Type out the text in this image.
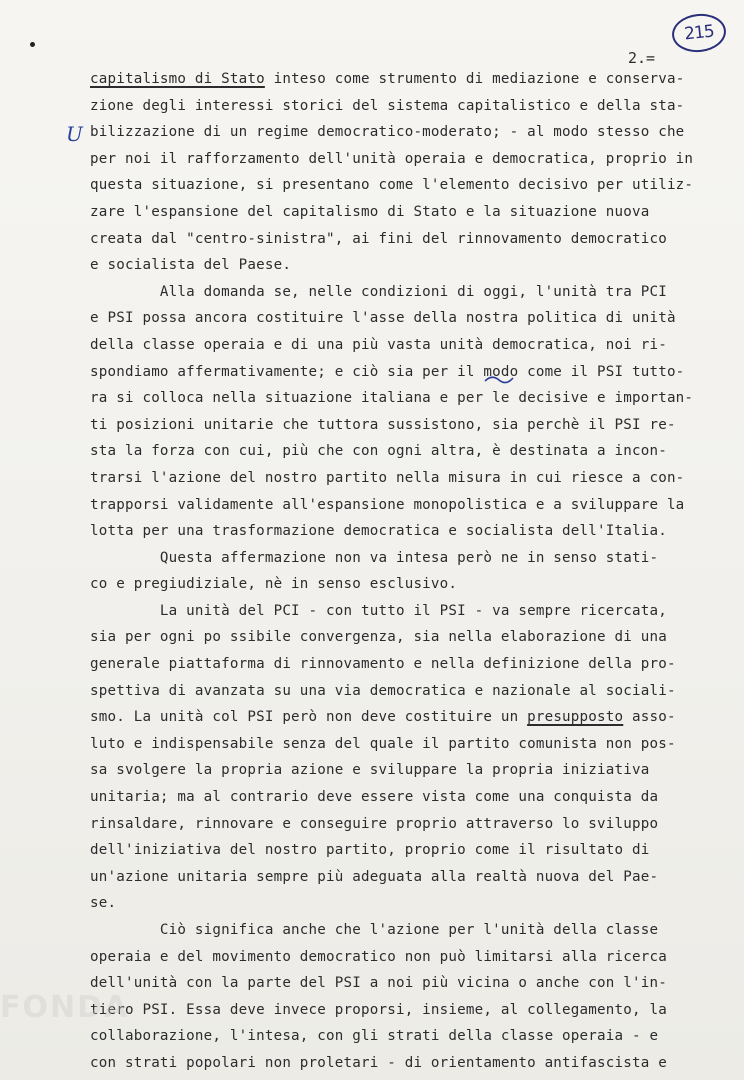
215
2.=
U
capitalismo di Stato inteso come strumento di mediazione e conserva-
zione degli interessi storici del sistema capitalistico e della sta-
bilizzazione di un regime democratico-moderato; - al modo stesso che
per noi il rafforzamento dell'unità operaia e democratica, proprio in
questa situazione, si presentano come l'elemento decisivo per utiliz-
zare l'espansione del capitalismo di Stato e la situazione nuova
creata dal "centro-sinistra", ai fini del rinnovamento democratico
e socialista del Paese.
Alla domanda se, nelle condizioni di oggi, l'unità tra PCI
e PSI possa ancora costituire l'asse della nostra politica di unità
della classe operaia e di una più vasta unità democratica, noi ri-
spondiamo affermativamente; e ciò sia per il modo come il PSI tutto-
ra si colloca nella situazione italiana e per le decisive e importan-
ti posizioni unitarie che tuttora sussistono, sia perchè il PSI re-
sta la forza con cui, più che con ogni altra, è destinata a incon-
trarsi l'azione del nostro partito nella misura in cui riesce a con-
trapporsi validamente all'espansione monopolistica e a sviluppare la
lotta per una trasformazione democratica e socialista dell'Italia.
Questa affermazione non va intesa però ne in senso stati-
co e pregiudiziale, nè in senso esclusivo.
La unità del PCI - con tutto il PSI - va sempre ricercata,
sia per ogni po ssibile convergenza, sia nella elaborazione di una
generale piattaforma di rinnovamento e nella definizione della pro-
spettiva di avanzata su una via democratica e nazionale al sociali-
smo. La unità col PSI però non deve costituire un presupposto asso-
luto e indispensabile senza del quale il partito comunista non pos-
sa svolgere la propria azione e sviluppare la propria iniziativa
unitaria; ma al contrario deve essere vista come una conquista da
rinsaldare, rinnovare e conseguire proprio attraverso lo sviluppo
dell'iniziativa del nostro partito, proprio come il risultato di
un'azione unitaria sempre più adeguata alla realtà nuova del Pae-
se.
Ciò significa anche che l'azione per l'unità della classe
operaia e del movimento democratico non può limitarsi alla ricerca
dell'unità con la parte del PSI a noi più vicina o anche con l'in-
tiero PSI. Essa deve invece proporsi, insieme, al collegamento, la
collaborazione, l'intesa, con gli strati della classe operaia - e
con strati popolari non proletari - di orientamento antifascista e
FONDA
